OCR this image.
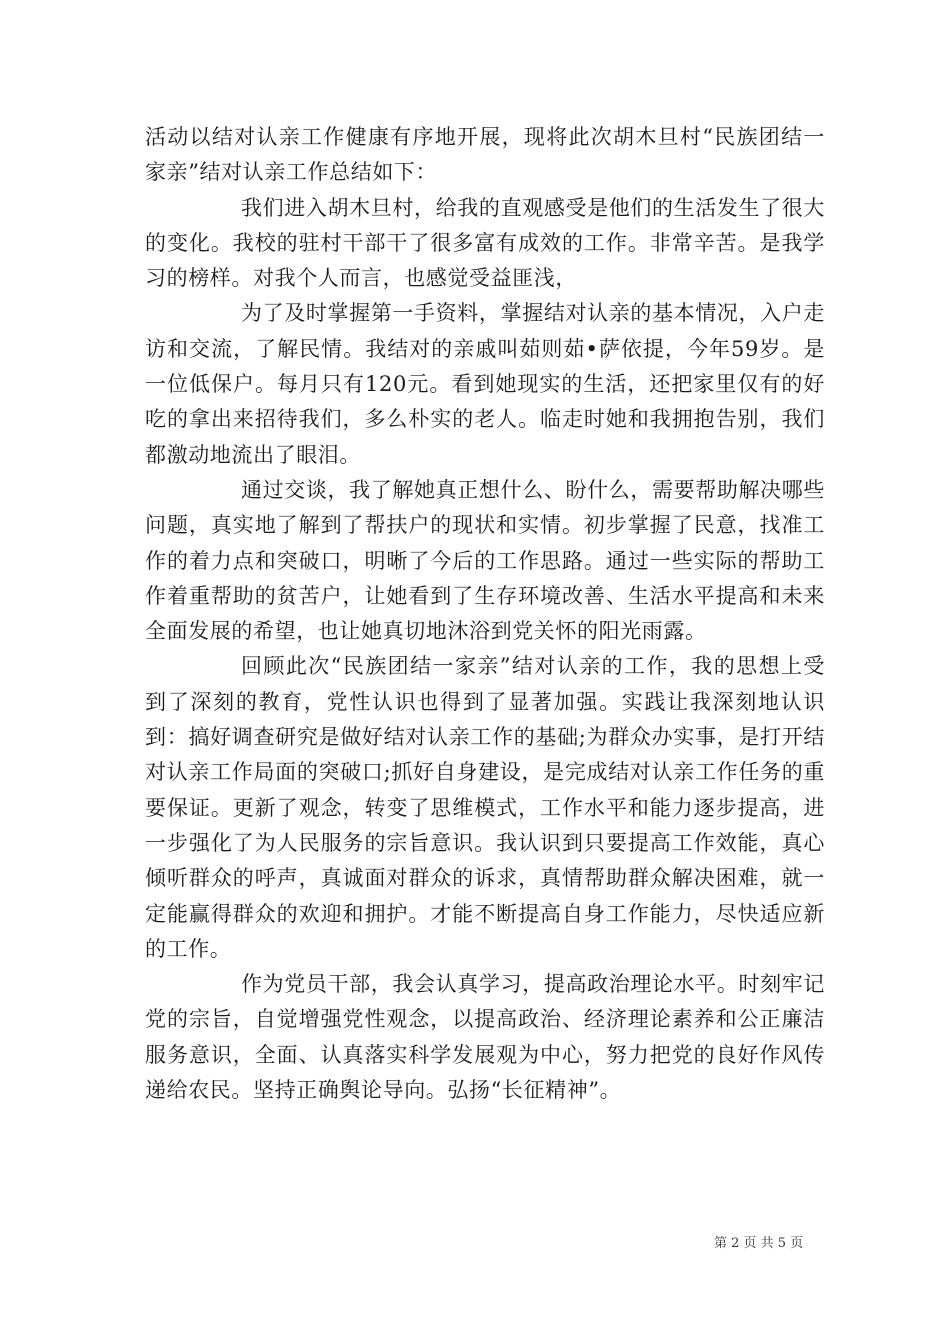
活动以结对认亲工作健康有序地开展，现将此次胡木旦村“民族团结一家亲”结对认亲工作总结如下：

我们进入胡木旦村，给我的直观感受是他们的生活发生了很大的变化。我校的驻村干部干了很多富有成效的工作。非常辛苦。是我学习的榜样。对我个人而言，也感觉受益匪浅，

为了及时掌握第一手资料，掌握结对认亲的基本情况，入户走访和交流，了解民情。我结对的亲戚叫茹则茹•萨依提，今年59岁。是一位低保户。每月只有120元。看到她现实的生活，还把家里仅有的好吃的拿出来招待我们，多么朴实的老人。临走时她和我拥抱告别，我们都激动地流出了眼泪。

通过交谈，我了解她真正想什么、盼什么，需要帮助解决哪些问题，真实地了解到了帮扶户的现状和实情。初步掌握了民意，找准工作的着力点和突破口，明晰了今后的工作思路。通过一些实际的帮助工作着重帮助的贫苦户，让她看到了生存环境改善、生活水平提高和未来全面发展的希望，也让她真切地沐浴到党关怀的阳光雨露。

回顾此次“民族团结一家亲”结对认亲的工作，我的思想上受到了深刻的教育，党性认识也得到了显著加强。实践让我深刻地认识到：搞好调查研究是做好结对认亲工作的基础;为群众办实事，是打开结对认亲工作局面的突破口;抓好自身建设，是完成结对认亲工作任务的重要保证。更新了观念，转变了思维模式，工作水平和能力逐步提高，进一步强化了为人民服务的宗旨意识。我认识到只要提高工作效能，真心倾听群众的呼声，真诚面对群众的诉求，真情帮助群众解决困难，就一定能赢得群众的欢迎和拥护。才能不断提高自身工作能力，尽快适应新的工作。

作为党员干部，我会认真学习，提高政治理论水平。时刻牢记党的宗旨，自觉增强党性观念，以提高政治、经济理论素养和公正廉洁服务意识，全面、认真落实科学发展观为中心，努力把党的良好作风传递给农民。坚持正确舆论导向。弘扬“长征精神”。

第 2 页 共 5 页
